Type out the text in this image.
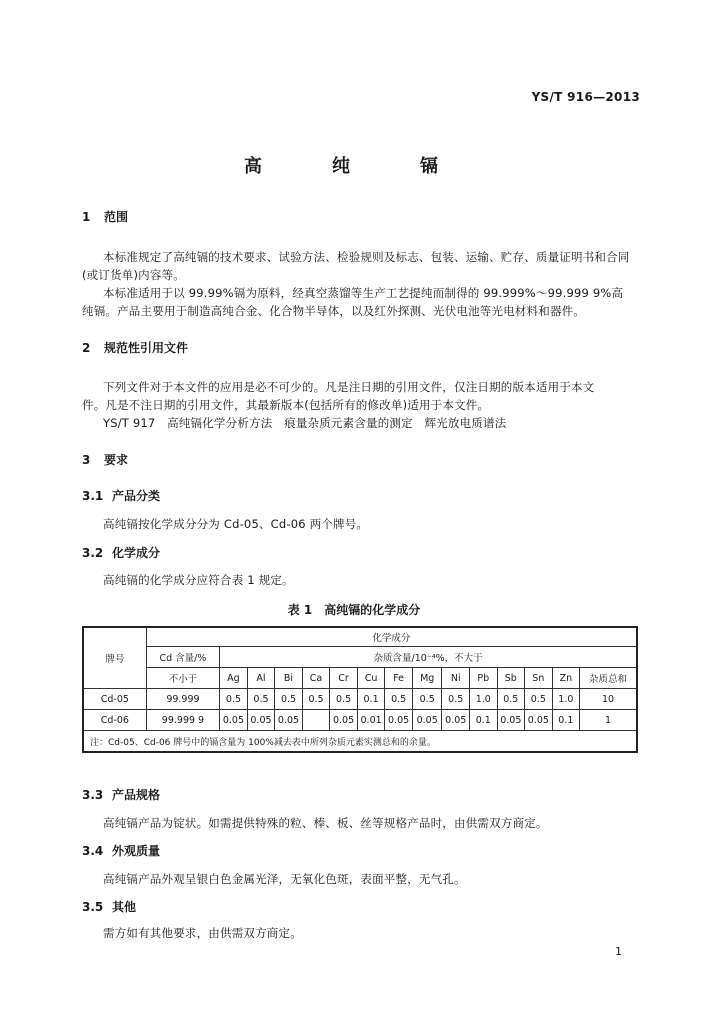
YS/T 916—2013
高　纯　镉
1 范围
本标准规定了高纯镉的技术要求、试验方法、检验规则及标志、包装、运输、贮存、质量证明书和合同
(或订货单)内容等。
本标准适用于以 99.99%镉为原料，经真空蒸馏等生产工艺提纯而制得的 99.999%～99.999 9%高
纯镉。产品主要用于制造高纯合金、化合物半导体，以及红外探测、光伏电池等光电材料和器件。
2 规范性引用文件
下列文件对于本文件的应用是必不可少的。凡是注日期的引用文件，仅注日期的版本适用于本文
件。凡是不注日期的引用文件，其最新版本(包括所有的修改单)适用于本文件。
YS/T 917　高纯镉化学分析方法　痕量杂质元素含量的测定　辉光放电质谱法
3 要求
3.1 产品分类
高纯镉按化学成分分为 Cd-05、Cd-06 两个牌号。
3.2 化学成分
高纯镉的化学成分应符合表 1 规定。
表 1　高纯镉的化学成分
牌号	化学成分														
	Cd 含量/%	杂质含量/10⁻⁴%，不大于													
	不小于	Ag	Al	Bi	Ca	Cr	Cu	Fe	Mg	Ni	Pb	Sb	Sn	Zn	杂质总和
Cd-05	99.999	0.5	0.5	0.5	0.5	0.5	0.1	0.5	0.5	0.5	1.0	0.5	0.5	1.0	10
Cd-06	99.999 9	0.05	0.05	0.05		0.05	0.01	0.05	0.05	0.05	0.1	0.05	0.05	0.1	1
注：Cd-05、Cd-06 牌号中的镉含量为 100%减去表中所列杂质元素实测总和的余量。															
3.3 产品规格
高纯镉产品为锭状。如需提供特殊的粒、棒、板、丝等规格产品时，由供需双方商定。
3.4 外观质量
高纯镉产品外观呈银白色金属光泽，无氧化色斑，表面平整，无气孔。
3.5 其他
需方如有其他要求，由供需双方商定。
1
